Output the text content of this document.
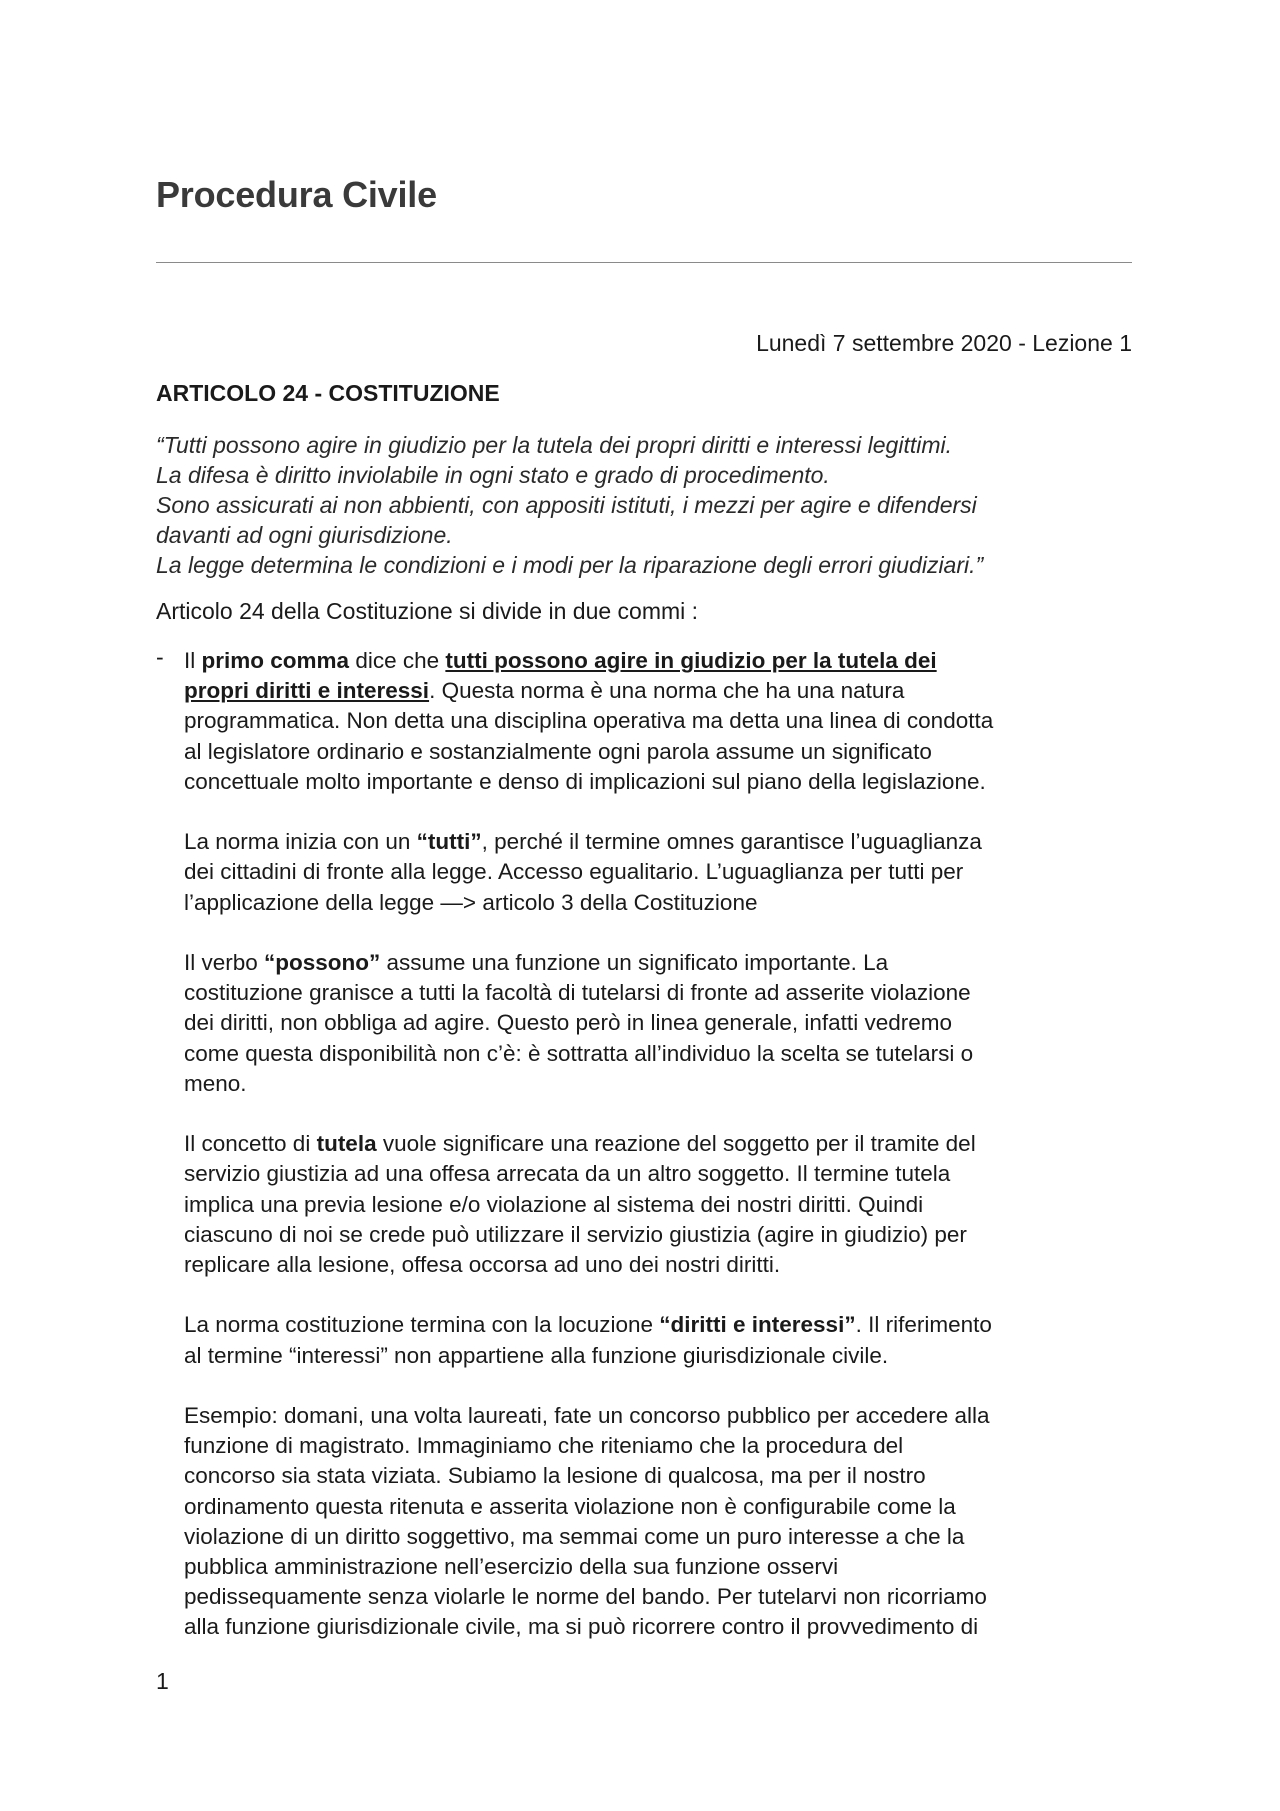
Procedura Civile
Lunedì 7 settembre 2020 - Lezione 1
ARTICOLO 24 - COSTITUZIONE
“Tutti possono agire in giudizio per la tutela dei propri diritti e interessi legittimi.
La difesa è diritto inviolabile in ogni stato e grado di procedimento.
Sono assicurati ai non abbienti, con appositi istituti, i mezzi per agire e difendersi
davanti ad ogni giurisdizione.
La legge determina le condizioni e i modi per la riparazione degli errori giudiziari.”
Articolo 24 della Costituzione si divide in due commi :
- Il primo comma dice che tutti possono agire in giudizio per la tutela dei
propri diritti e interessi. Questa norma è una norma che ha una natura
programmatica. Non detta una disciplina operativa ma detta una linea di condotta
al legislatore ordinario e sostanzialmente ogni parola assume un significato
concettuale molto importante e denso di implicazioni sul piano della legislazione.
La norma inizia con un “tutti”, perché il termine omnes garantisce l’uguaglianza
dei cittadini di fronte alla legge. Accesso egualitario. L’uguaglianza per tutti per
l’applicazione della legge —> articolo 3 della Costituzione
Il verbo “possono” assume una funzione un significato importante. La
costituzione granisce a tutti la facoltà di tutelarsi di fronte ad asserite violazione
dei diritti, non obbliga ad agire. Questo però in linea generale, infatti vedremo
come questa disponibilità non c’è: è sottratta all’individuo la scelta se tutelarsi o
meno.
Il concetto di tutela vuole significare una reazione del soggetto per il tramite del
servizio giustizia ad una offesa arrecata da un altro soggetto. Il termine tutela
implica una previa lesione e/o violazione al sistema dei nostri diritti. Quindi
ciascuno di noi se crede può utilizzare il servizio giustizia (agire in giudizio) per
replicare alla lesione, offesa occorsa ad uno dei nostri diritti.
La norma costituzione termina con la locuzione “diritti e interessi”. Il riferimento
al termine “interessi” non appartiene alla funzione giurisdizionale civile.
Esempio: domani, una volta laureati, fate un concorso pubblico per accedere alla
funzione di magistrato. Immaginiamo che riteniamo che la procedura del
concorso sia stata viziata. Subiamo la lesione di qualcosa, ma per il nostro
ordinamento questa ritenuta e asserita violazione non è configurabile come la
violazione di un diritto soggettivo, ma semmai come un puro interesse a che la
pubblica amministrazione nell’esercizio della sua funzione osservi
pedissequamente senza violarle le norme del bando. Per tutelarvi non ricorriamo
alla funzione giurisdizionale civile, ma si può ricorrere contro il provvedimento di
1
